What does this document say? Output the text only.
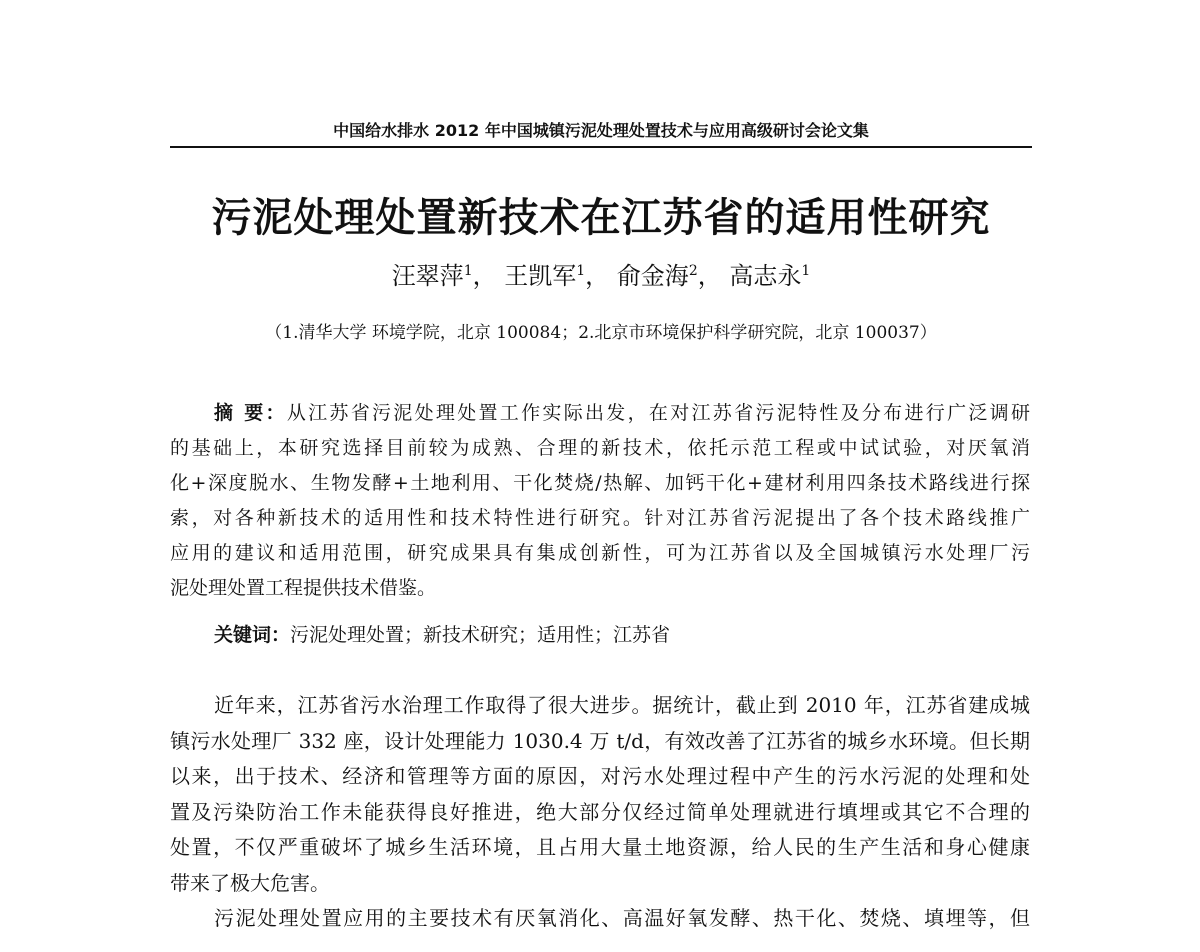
中国给水排水 2012 年中国城镇污泥处理处置技术与应用高级研讨会论文集
污泥处理处置新技术在江苏省的适用性研究
汪翠萍$^1$， 王凯军$^1$， 俞金海$^2$， 高志永$^1$
（1.清华大学 环境学院，北京 100084；2.北京市环境保护科学研究院，北京 100037）
摘 要：从江苏省污泥处理处置工作实际出发，在对江苏省污泥特性及分布进行广泛调研
的基础上，本研究选择目前较为成熟、合理的新技术，依托示范工程或中试试验，对厌氧消
化+深度脱水、生物发酵+土地利用、干化焚烧/热解、加钙干化+建材利用四条技术路线进行探
索，对各种新技术的适用性和技术特性进行研究。针对江苏省污泥提出了各个技术路线推广
应用的建议和适用范围，研究成果具有集成创新性，可为江苏省以及全国城镇污水处理厂污
泥处理处置工程提供技术借鉴。
关键词：污泥处理处置；新技术研究；适用性；江苏省
近年来，江苏省污水治理工作取得了很大进步。据统计，截止到 2010 年，江苏省建成城
镇污水处理厂 332 座，设计处理能力 1030.4 万 t/d，有效改善了江苏省的城乡水环境。但长期
以来，出于技术、经济和管理等方面的原因，对污水处理过程中产生的污水污泥的处理和处
置及污染防治工作未能获得良好推进，绝大部分仅经过简单处理就进行填埋或其它不合理的
处置，不仅严重破坏了城乡生活环境，且占用大量土地资源，给人民的生产生活和身心健康
带来了极大危害。
污泥处理处置应用的主要技术有厌氧消化、高温好氧发酵、热干化、焚烧、填埋等，但
